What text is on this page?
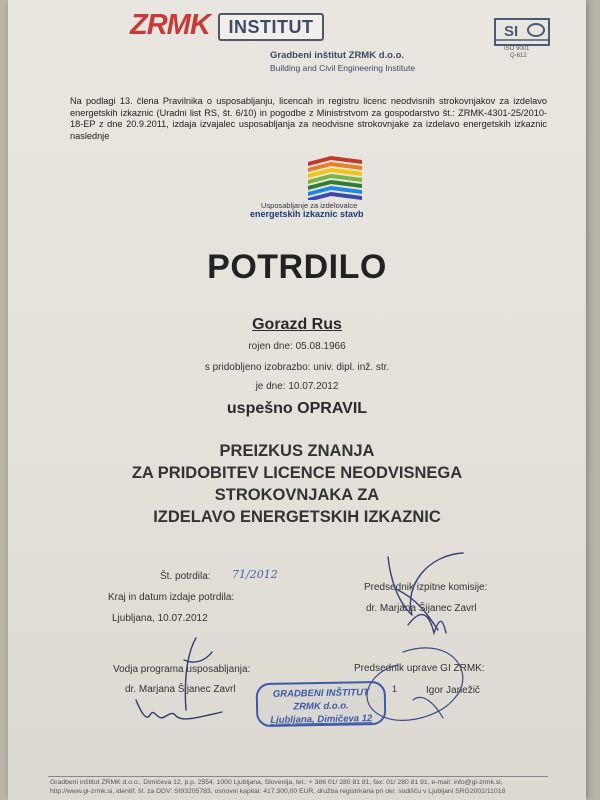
ZRMK	INSTITUT
Gradbeni inštitut ZRMK d.o.o.
Building and Civil Engineering Institute
SI
ISO 9001
Q-612
Na podlagi 13. člena Pravilnika o usposabljanju, licencah in registru licenc neodvisnih strokovnjakov za izdelavo energetskih izkaznic (Uradni list RS, št. 6/10) in pogodbe z Ministrstvom za gospodarstvo št.: ZRMK-4301-25/2010-18-EP z dne 20.9.2011, izdaja izvajalec usposabljanja za neodvisne strokovnjake za izdelavo energetskih izkaznic naslednje
Usposabljanje za izdelovalce
energetskih izkaznic stavb
POTRDILO
Gorazd Rus
rojen dne: 05.08.1966
s pridobljeno izobrazbo: univ. dipl. inž. str.
je dne: 10.07.2012
uspešno OPRAVIL
PREIZKUS ZNANJA
ZA PRIDOBITEV LICENCE NEODVISNEGA
STROKOVNJAKA ZA
IZDELAVO ENERGETSKIH IZKAZNIC
Št. potrdila: 71/2012
Kraj in datum izdaje potrdila:
Ljubljana, 10.07.2012
Predsednik izpitne komisije:
dr. Marjana Šijanec Zavrl
Vodja programa usposabljanja:
dr. Marjana Šijanec Zavrl
Predsednik uprave GI ZRMK:
Igor Janežič
GRADBENI INŠTITUT
ZRMK d.o.o.
Ljubljana, Dimičeva 12
1
Gradbeni inštitut ZRMK d.o.o., Dimičeva 12, p.p. 2554, 1000 Ljubljana, Slovenija, tel.: + 386 01/ 280 81 81, fax: 01/ 280 81 91, e-mail: info@gi-zrmk.si,
http://www.gi-zrmk.si, identif. št. za DDV: SI93205783, osnovni kapital: 417.300,00 EUR, družba registrirana pri okr. sodišču v Ljubljani SRG2002/11018
